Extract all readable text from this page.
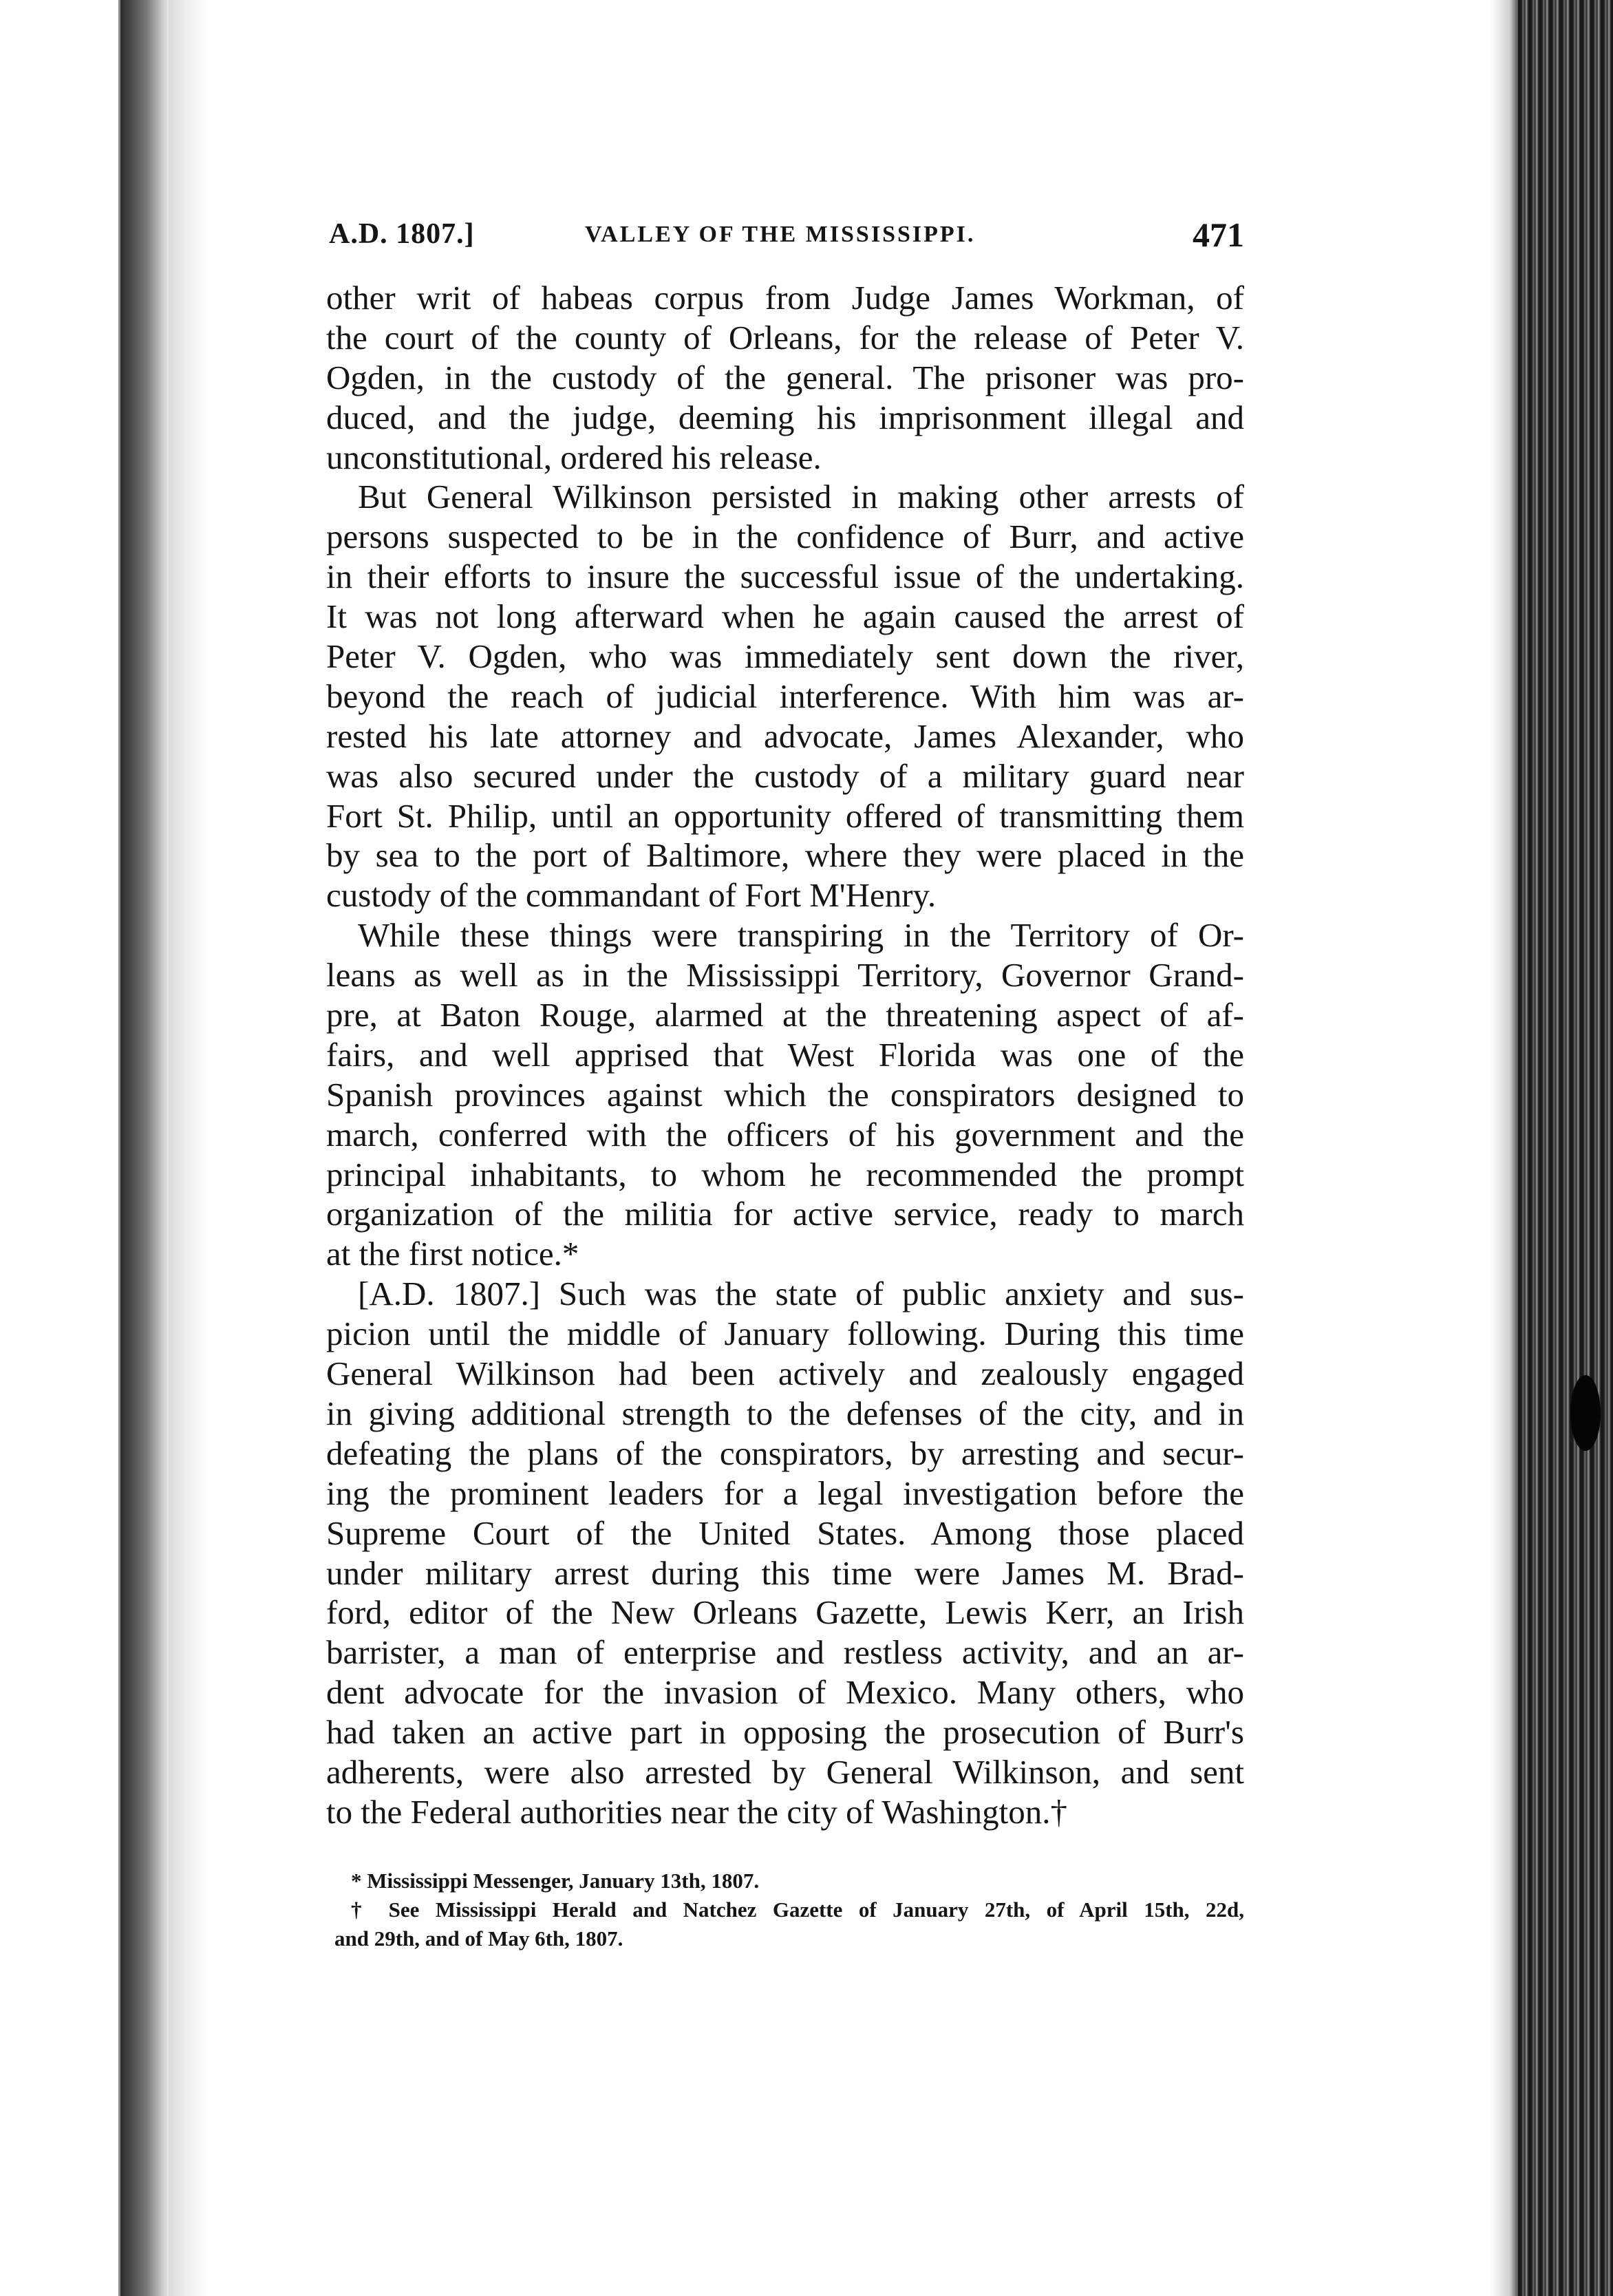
A.D. 1807.]	VALLEY OF THE MISSISSIPPI.	471
other writ of habeas corpus from Judge James Workman, of
the court of the county of Orleans, for the release of Peter V.
Ogden, in the custody of the general. The prisoner was pro-
duced, and the judge, deeming his imprisonment illegal and
unconstitutional, ordered his release.
But General Wilkinson persisted in making other arrests of
persons suspected to be in the confidence of Burr, and active
in their efforts to insure the successful issue of the undertaking.
It was not long afterward when he again caused the arrest of
Peter V. Ogden, who was immediately sent down the river,
beyond the reach of judicial interference. With him was ar-
rested his late attorney and advocate, James Alexander, who
was also secured under the custody of a military guard near
Fort St. Philip, until an opportunity offered of transmitting them
by sea to the port of Baltimore, where they were placed in the
custody of the commandant of Fort M'Henry.
While these things were transpiring in the Territory of Or-
leans as well as in the Mississippi Territory, Governor Grand-
pre, at Baton Rouge, alarmed at the threatening aspect of af-
fairs, and well apprised that West Florida was one of the
Spanish provinces against which the conspirators designed to
march, conferred with the officers of his government and the
principal inhabitants, to whom he recommended the prompt
organization of the militia for active service, ready to march
at the first notice.*
[A.D. 1807.] Such was the state of public anxiety and sus-
picion until the middle of January following. During this time
General Wilkinson had been actively and zealously engaged
in giving additional strength to the defenses of the city, and in
defeating the plans of the conspirators, by arresting and secur-
ing the prominent leaders for a legal investigation before the
Supreme Court of the United States. Among those placed
under military arrest during this time were James M. Brad-
ford, editor of the New Orleans Gazette, Lewis Kerr, an Irish
barrister, a man of enterprise and restless activity, and an ar-
dent advocate for the invasion of Mexico. Many others, who
had taken an active part in opposing the prosecution of Burr's
adherents, were also arrested by General Wilkinson, and sent
to the Federal authorities near the city of Washington.†
* Mississippi Messenger, January 13th, 1807.
† See Mississippi Herald and Natchez Gazette of January 27th, of April 15th, 22d,
and 29th, and of May 6th, 1807.
